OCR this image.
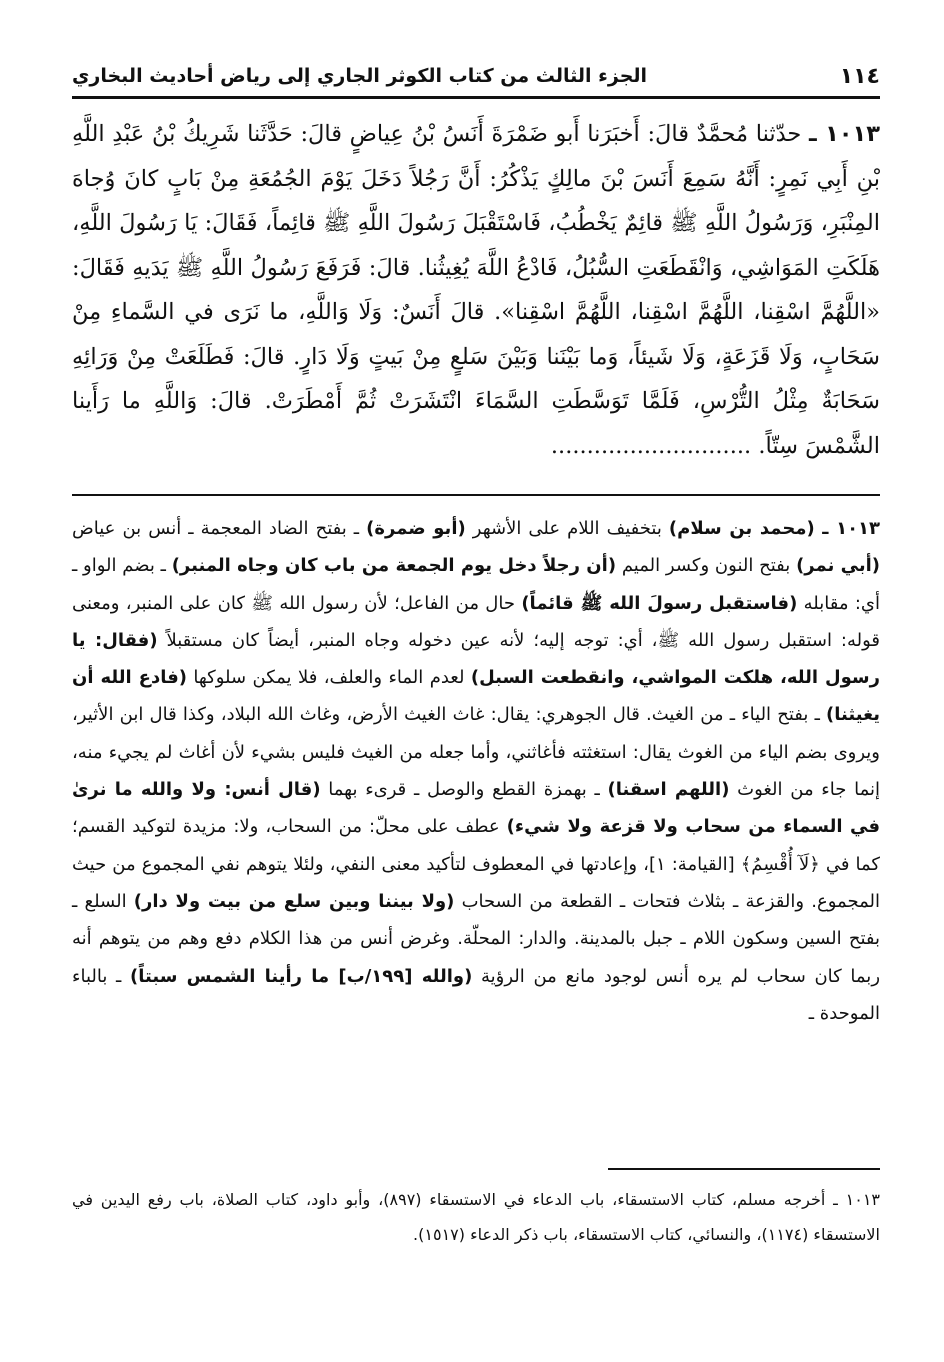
١١٤
الجزء الثالث من كتاب الكوثر الجاري إلى رياض أحاديث البخاري
١٠١٣ ـ حدّثنا مُحمَّدٌ قالَ: أَخبَرَنا أَبو ضَمْرَةَ أَنَسُ بْنُ عِياضٍ قالَ: حَدَّثَنا شَرِيكُ بْنُ عَبْدِ اللَّهِ بْنِ أَبِي نَمِرٍ: أَنَّهُ سَمِعَ أَنَسَ بْنَ مالِكٍ يَذْكُرُ: أَنَّ رَجُلاً دَخَلَ يَوْمَ الجُمُعَةِ مِنْ بَابٍ كانَ وُجاهَ المِنْبَرِ، وَرَسُولُ اللَّهِ ﷺ قائِمٌ يَخْطُبُ، فَاسْتَقْبَلَ رَسُولَ اللَّهِ ﷺ قائِماً، فَقَالَ: يَا رَسُولَ اللَّهِ، هَلَكَتِ المَوَاشِي، وَانْقَطَعَتِ السُّبُلُ، فَادْعُ اللَّهَ يُغِيثُنا. قالَ: فَرَفَعَ رَسُولُ اللَّهِ ﷺ يَدَيهِ فَقَالَ: «اللَّهُمَّ اسْقِنا، اللَّهُمَّ اسْقِنا، اللَّهُمَّ اسْقِنا». قالَ أَنَسٌ: وَلَا وَاللَّهِ، ما نَرَى في السَّماءِ مِنْ سَحَابٍ، وَلَا قَزَعَةٍ، وَلَا شَيئاً، وَما بَيْنَنا وَبَيْنَ سَلعٍ مِنْ بَيتٍ وَلَا دَارٍ. قالَ: فَطَلَعَتْ مِنْ وَرَائِهِ سَحَابَةٌ مِثْلُ التُّرْسِ، فَلَمَّا تَوَسَّطَتِ السَّمَاءَ انْتَشَرَتْ ثُمَّ أَمْطَرَتْ. قالَ: وَاللَّهِ ما رَأَينا الشَّمْسَ سِتّاً. ............................
١٠١٣ ـ (محمد بن سلام) بتخفيف اللام على الأشهر (أبو ضمرة) ـ بفتح الضاد المعجمة ـ أنس بن عياض (أبي نمر) بفتح النون وكسر الميم (أن رجلاً دخل يوم الجمعة من باب كان وجاه المنبر) ـ بضم الواو ـ أي: مقابله (فاستقبل رسولَ الله ﷺ قائماً) حال من الفاعل؛ لأن رسول الله ﷺ كان على المنبر، ومعنى قوله: استقبل رسول الله ﷺ، أي: توجه إليه؛ لأنه عين دخوله وجاه المنبر، أيضاً كان مستقبلاً (فقال: يا رسول الله، هلكت المواشي، وانقطعت السبل) لعدم الماء والعلف، فلا يمكن سلوكها (فادع الله أن يغيثنا) ـ بفتح الياء ـ من الغيث. قال الجوهري: يقال: غاث الغيث الأرض، وغاث الله البلاد، وكذا قال ابن الأثير، ويروى بضم الياء من الغوث يقال: استغثته فأغاثني، وأما جعله من الغيث فليس بشيء لأن أغاث لم يجيء منه، إنما جاء من الغوث (اللهم اسقنا) ـ بهمزة القطع والوصل ـ قرىء بهما (قال أنس: ولا والله ما نرىٰ في السماء من سحاب ولا قزعة ولا شيء) عطف على محلّ: من السحاب، ولا: مزيدة لتوكيد القسم؛ كما في ﴿لَآ أُقْسِمُ﴾ [القيامة: ١]، وإعادتها في المعطوف لتأكيد معنى النفي، ولئلا يتوهم نفي المجموع من حيث المجموع. والقزعة ـ بثلاث فتحات ـ القطعة من السحاب (ولا بيننا وبين سلع من بيت ولا دار) السلع ـ بفتح السين وسكون اللام ـ جبل بالمدينة. والدار: المحلّة. وغرض أنس من هذا الكلام دفع وهم من يتوهم أنه ربما كان سحاب لم يره أنس لوجود مانع من الرؤية (والله [١٩٩/ب] ما رأينا الشمس سبتاً) ـ بالباء الموحدة ـ
١٠١٣ ـ أخرجه مسلم، كتاب الاستسقاء، باب الدعاء في الاستسقاء (٨٩٧)، وأبو داود، كتاب الصلاة، باب رفع اليدين في الاستسقاء (١١٧٤)، والنسائي، كتاب الاستسقاء، باب ذكر الدعاء (١٥١٧).
